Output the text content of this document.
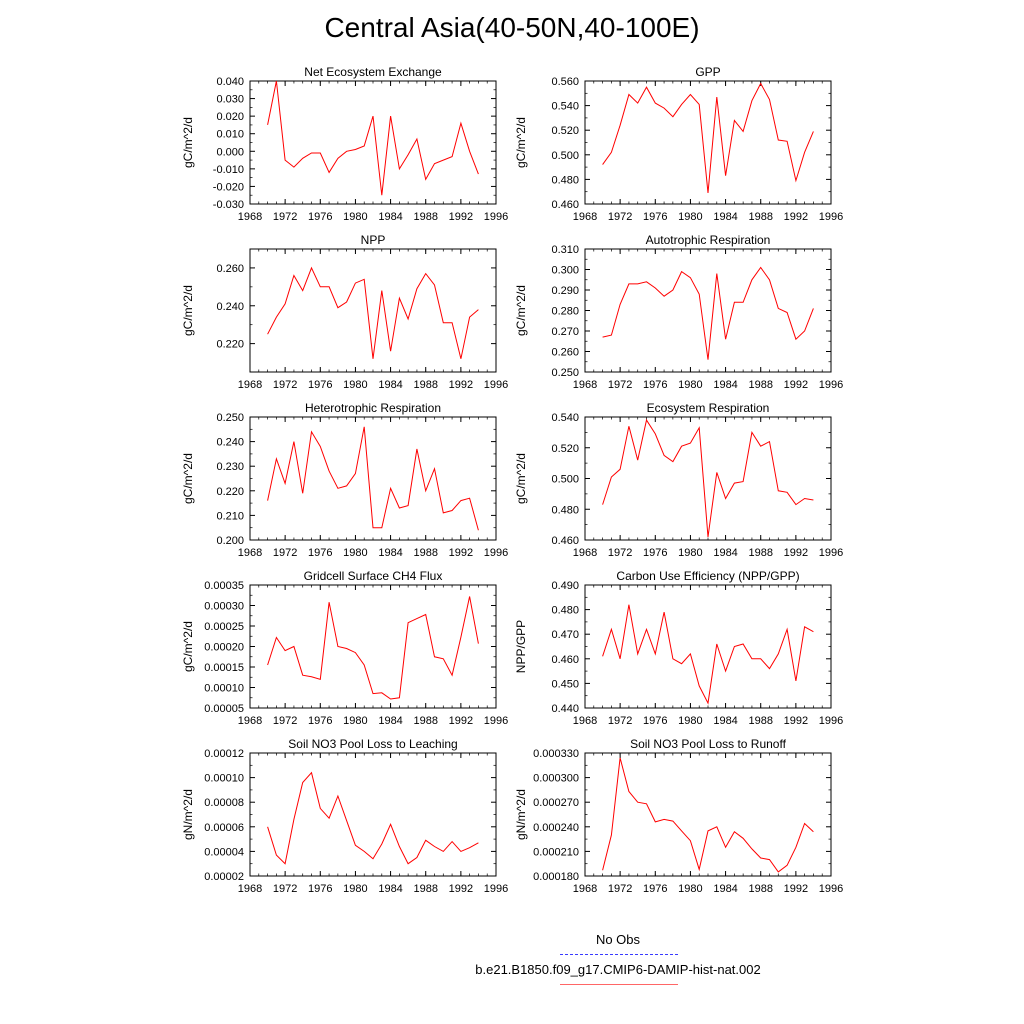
Central Asia(40-50N,40-100E)
Net Ecosystem Exchange
1968 1972 1976 1980 1984 1988 1992 1996
-0.030
-0.020
-0.010
0.000
0.010
0.020
0.030
0.040
gC/m^2/d
GPP
1968 1972 1976 1980 1984 1988 1992 1996
0.460
0.480
0.500
0.520
0.540
0.560
gC/m^2/d
NPP
1968 1972 1976 1980 1984 1988 1992 1996
0.220
0.240
0.260
gC/m^2/d
Autotrophic Respiration
1968 1972 1976 1980 1984 1988 1992 1996
0.250
0.260
0.270
0.280
0.290
0.300
0.310
gC/m^2/d
Heterotrophic Respiration
1968 1972 1976 1980 1984 1988 1992 1996
0.200
0.210
0.220
0.230
0.240
0.250
gC/m^2/d
Ecosystem Respiration
1968 1972 1976 1980 1984 1988 1992 1996
0.460
0.480
0.500
0.520
0.540
gC/m^2/d
Gridcell Surface CH4 Flux
1968 1972 1976 1980 1984 1988 1992 1996
0.00005
0.00010
0.00015
0.00020
0.00025
0.00030
0.00035
gC/m^2/d
Carbon Use Efficiency (NPP/GPP)
1968 1972 1976 1980 1984 1988 1992 1996
0.440
0.450
0.460
0.470
0.480
0.490
NPP/GPP
Soil NO3 Pool Loss to Leaching
1968 1972 1976 1980 1984 1988 1992 1996
0.00002
0.00004
0.00006
0.00008
0.00010
0.00012
gN/m^2/d
Soil NO3 Pool Loss to Runoff
1968 1972 1976 1980 1984 1988 1992 1996
0.000180
0.000210
0.000240
0.000270
0.000300
0.000330
gN/m^2/d
No Obs
b.e21.B1850.f09_g17.CMIP6-DAMIP-hist-nat.002
